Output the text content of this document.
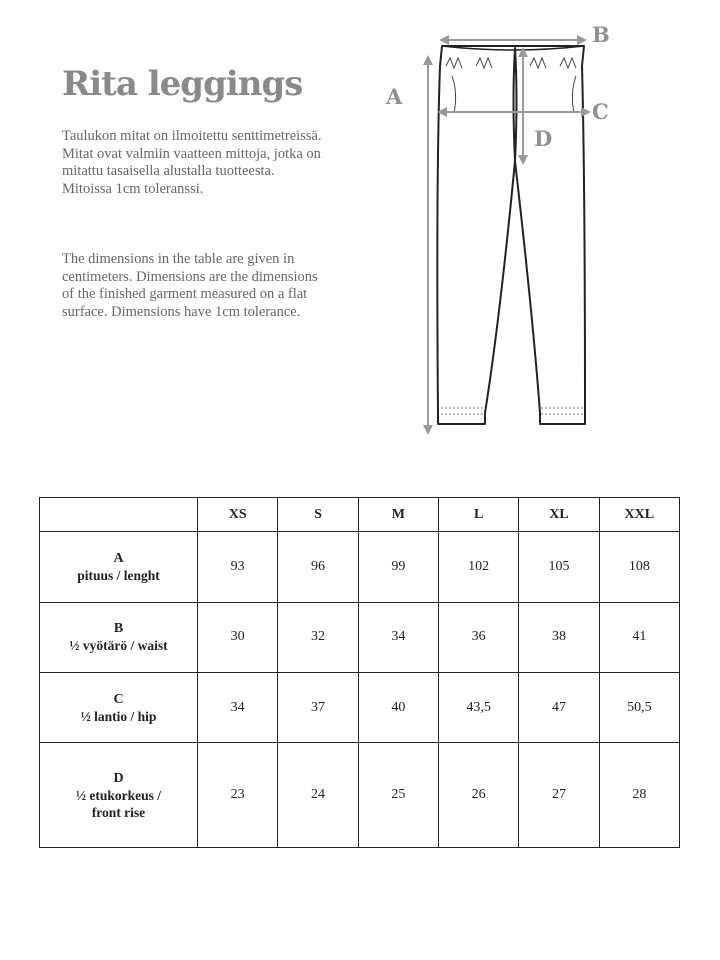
Rita leggings

Taulukon mitat on ilmoitettu senttimetreissä. Mitat ovat valmiin vaatteen mittoja, jotka on mitattu tasaisella alustalla tuotteesta. Mitoissa 1cm toleranssi.

The dimensions in the table are given in centimeters. Dimensions are the dimensions of the finished garment measured on a flat surface. Dimensions have 1cm tolerance.

A
B
C
D
	XS	S	M	L	XL	XXL

A
pituus / lenght	93	96	99	102	105	108

B
½ vyötärö / waist	30	32	34	36	38	41

C
½ lantio / hip	34	37	40	43,5	47	50,5

D
½ etukorkeus /
front rise	23	24	25	26	27	28
